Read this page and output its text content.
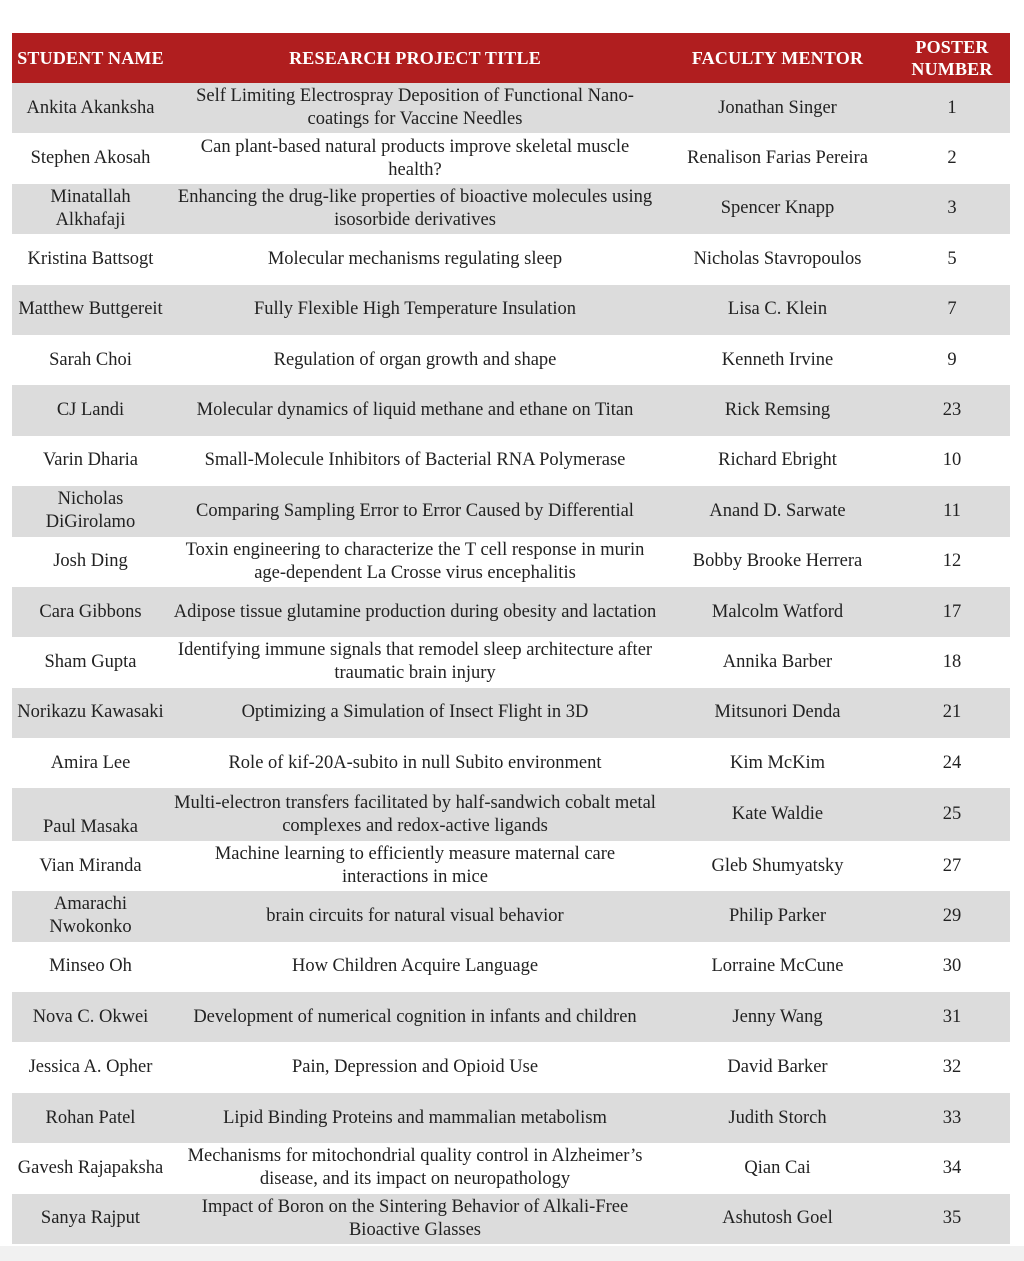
STUDENT NAME	RESEARCH PROJECT TITLE	FACULTY MENTOR	POSTER NUMBER
Ankita Akanksha	Self Limiting Electrospray Deposition of Functional Nano-coatings for Vaccine Needles	Jonathan Singer	1
Stephen Akosah	Can plant-based natural products improve skeletal muscle health?	Renalison Farias Pereira	2
Minatallah Alkhafaji	Enhancing the drug-like properties of bioactive molecules using isosorbide derivatives	Spencer Knapp	3
Kristina Battsogt	Molecular mechanisms regulating sleep	Nicholas Stavropoulos	5
Matthew Buttgereit	Fully Flexible High Temperature Insulation	Lisa C. Klein	7
Sarah Choi	Regulation of organ growth and shape	Kenneth Irvine	9
CJ Landi	Molecular dynamics of liquid methane and ethane on Titan	Rick Remsing	23
Varin Dharia	Small-Molecule Inhibitors of Bacterial RNA Polymerase	Richard Ebright	10
Nicholas DiGirolamo	Comparing Sampling Error to Error Caused by Differential	Anand D. Sarwate	11
Josh Ding	Toxin engineering to characterize the T cell response in murin age-dependent La Crosse virus encephalitis	Bobby Brooke Herrera	12
Cara Gibbons	Adipose tissue glutamine production during obesity and lactation	Malcolm Watford	17
Sham Gupta	Identifying immune signals that remodel sleep architecture after traumatic brain injury	Annika Barber	18
Norikazu Kawasaki	Optimizing a Simulation of Insect Flight in 3D	Mitsunori Denda	21
Amira Lee	Role of kif-20A-subito in null Subito environment	Kim McKim	24
Paul Masaka	Multi-electron transfers facilitated by half-sandwich cobalt metal complexes and redox-active ligands	Kate Waldie	25
Vian Miranda	Machine learning to efficiently measure maternal care interactions in mice	Gleb Shumyatsky	27
Amarachi Nwokonko	brain circuits for natural visual behavior	Philip Parker	29
Minseo Oh	How Children Acquire Language	Lorraine McCune	30
Nova C. Okwei	Development of numerical cognition in infants and children	Jenny Wang	31
Jessica A. Opher	Pain, Depression and Opioid Use	David Barker	32
Rohan Patel	Lipid Binding Proteins and mammalian metabolism	Judith Storch	33
Gavesh Rajapaksha	Mechanisms for mitochondrial quality control in Alzheimer’s disease, and its impact on neuropathology	Qian Cai	34
Sanya Rajput	Impact of Boron on the Sintering Behavior of Alkali-Free Bioactive Glasses	Ashutosh Goel	35
